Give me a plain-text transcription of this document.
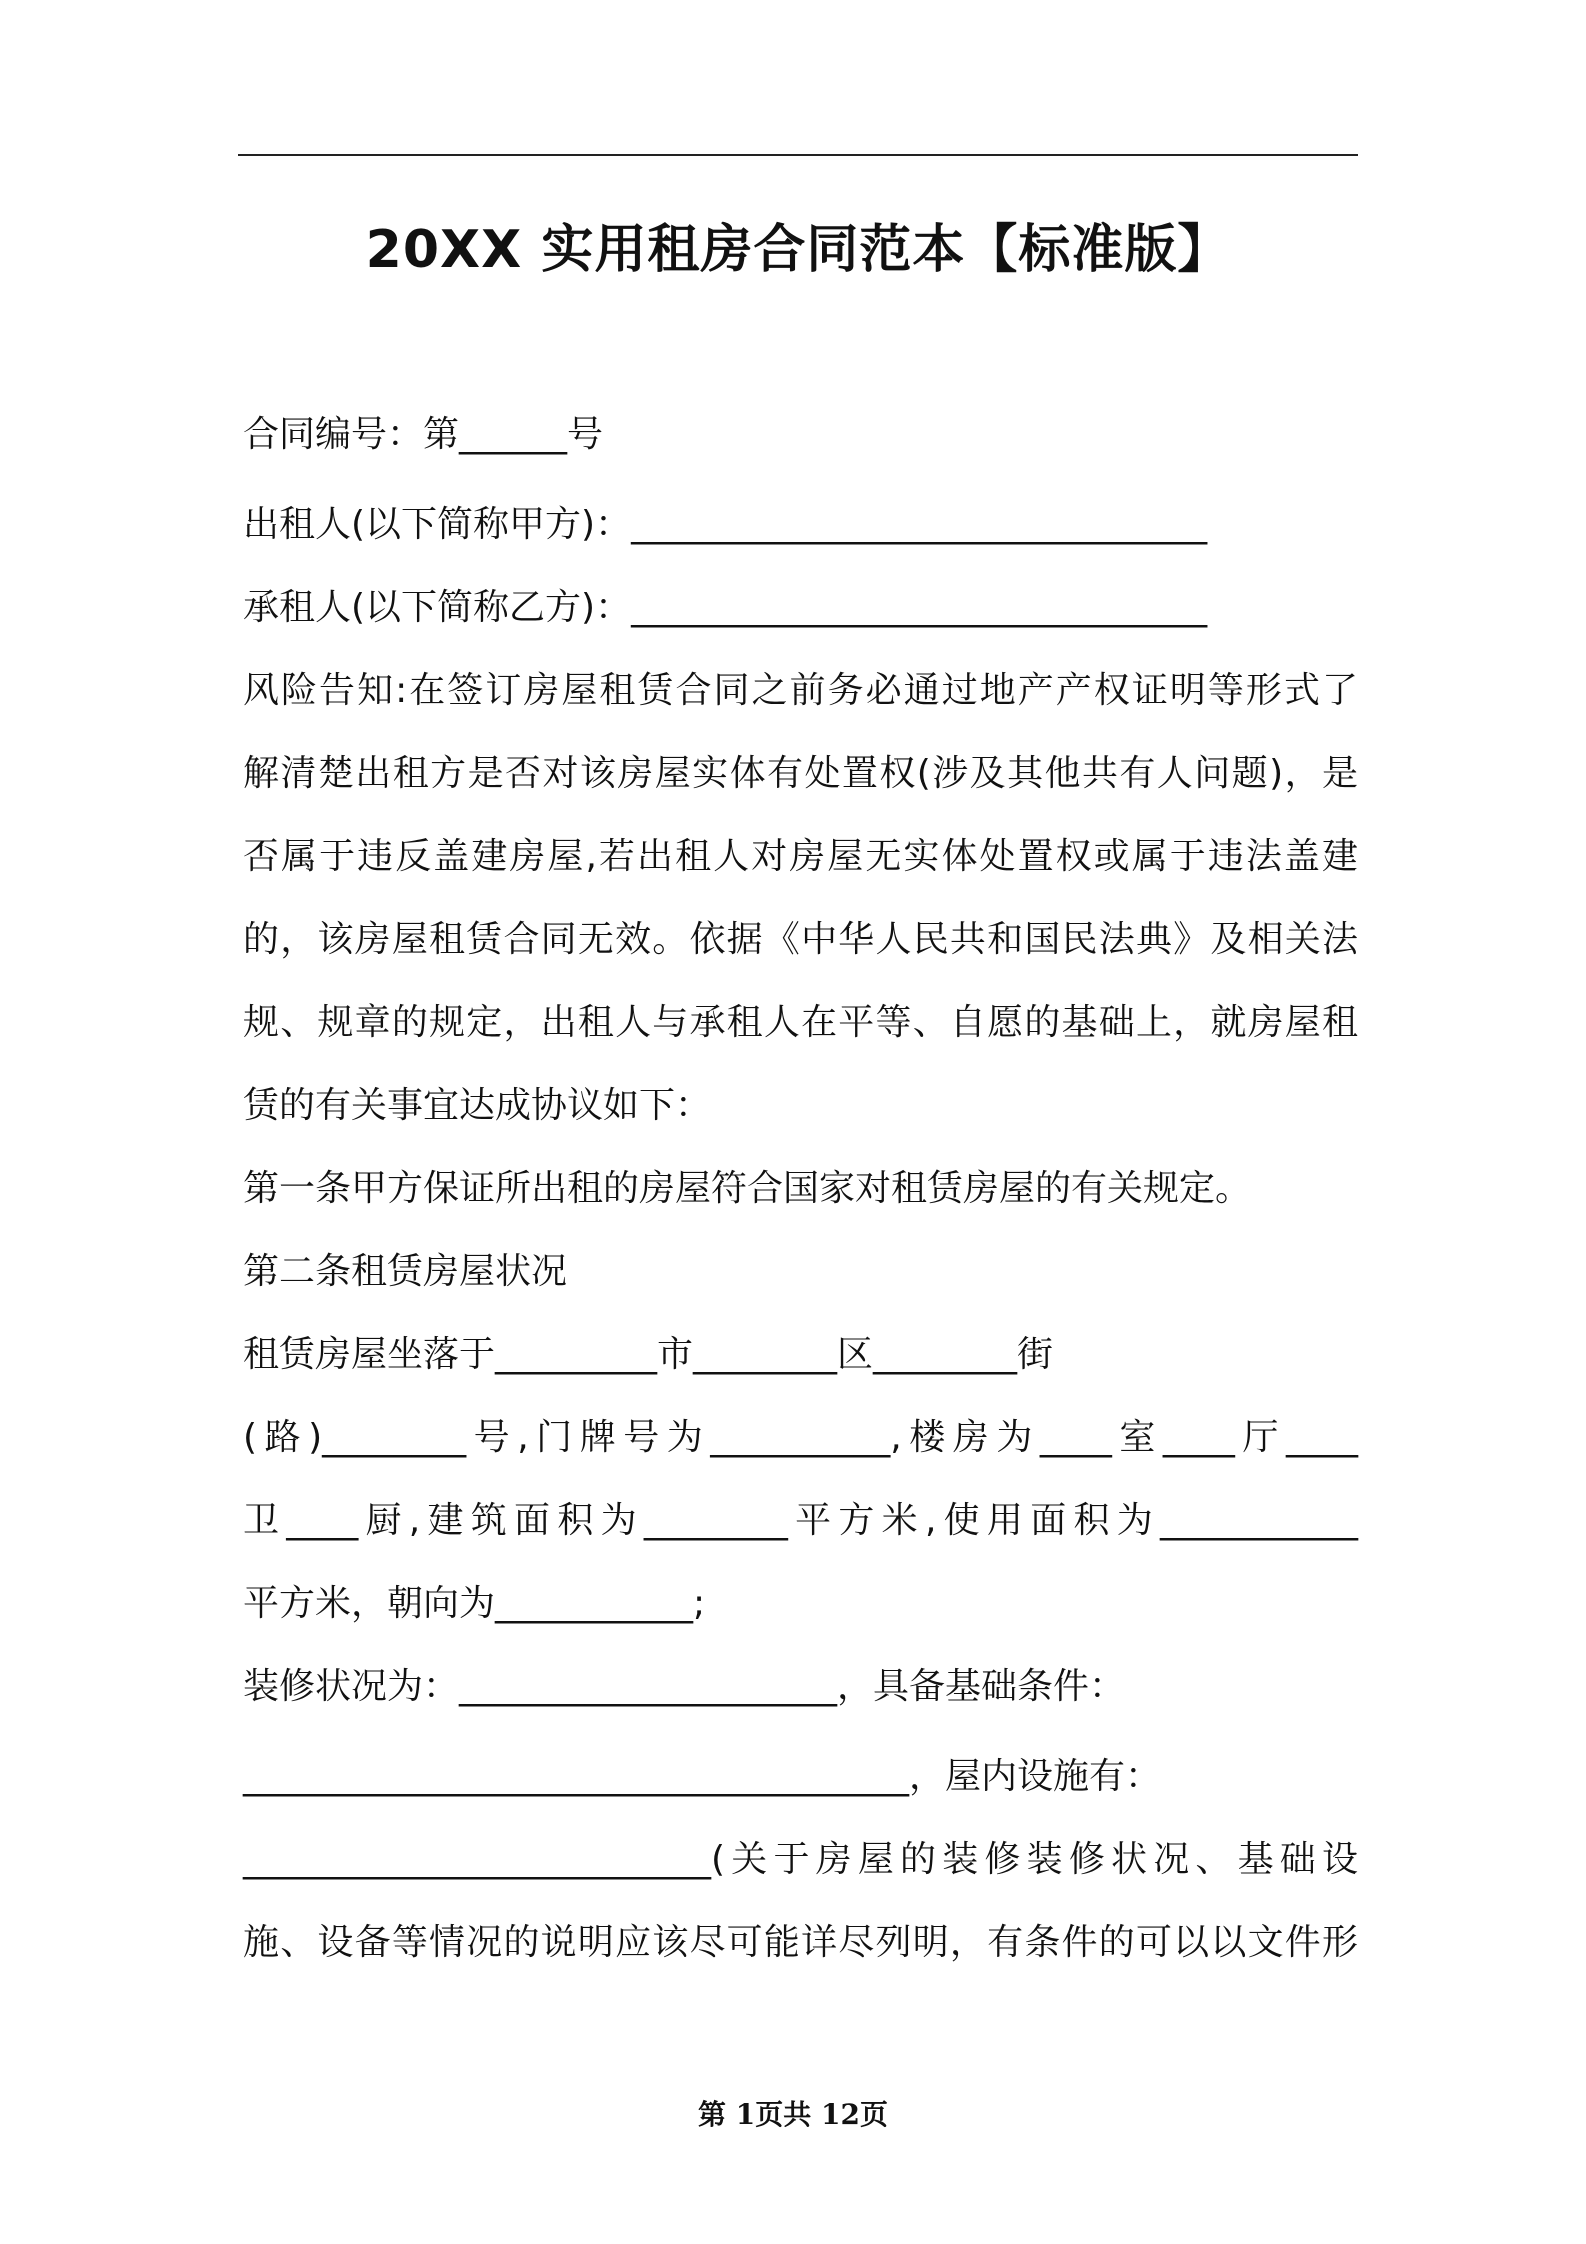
20XX 实用租房合同范本【标准版】
合同编号：第______号
出租人(以下简称甲方)：________________________________
承租人(以下简称乙方)：________________________________
风险告知:在签订房屋租赁合同之前务必通过地产产权证明等形式了
解清楚出租方是否对该房屋实体有处置权(涉及其他共有人问题)，是
否属于违反盖建房屋,若出租人对房屋无实体处置权或属于违法盖建
的，该房屋租赁合同无效。依据《中华人民共和国民法典》及相关法
规、规章的规定，出租人与承租人在平等、自愿的基础上，就房屋租
赁的有关事宜达成协议如下：
第一条甲方保证所出租的房屋符合国家对租赁房屋的有关规定。
第二条租赁房屋状况
租赁房屋坐落于_________市________区________街
(路)________号,门牌号为__________,楼房为____室____厅____
卫____厨,建筑面积为________平方米,使用面积为___________
平方米，朝向为___________;
装修状况为：_____________________，具备基础条件：
_____________________________________，屋内设施有：
__________________________(关于房屋的装修装修状况、基础设
施、设备等情况的说明应该尽可能详尽列明，有条件的可以以文件形
第 1页共 12页
